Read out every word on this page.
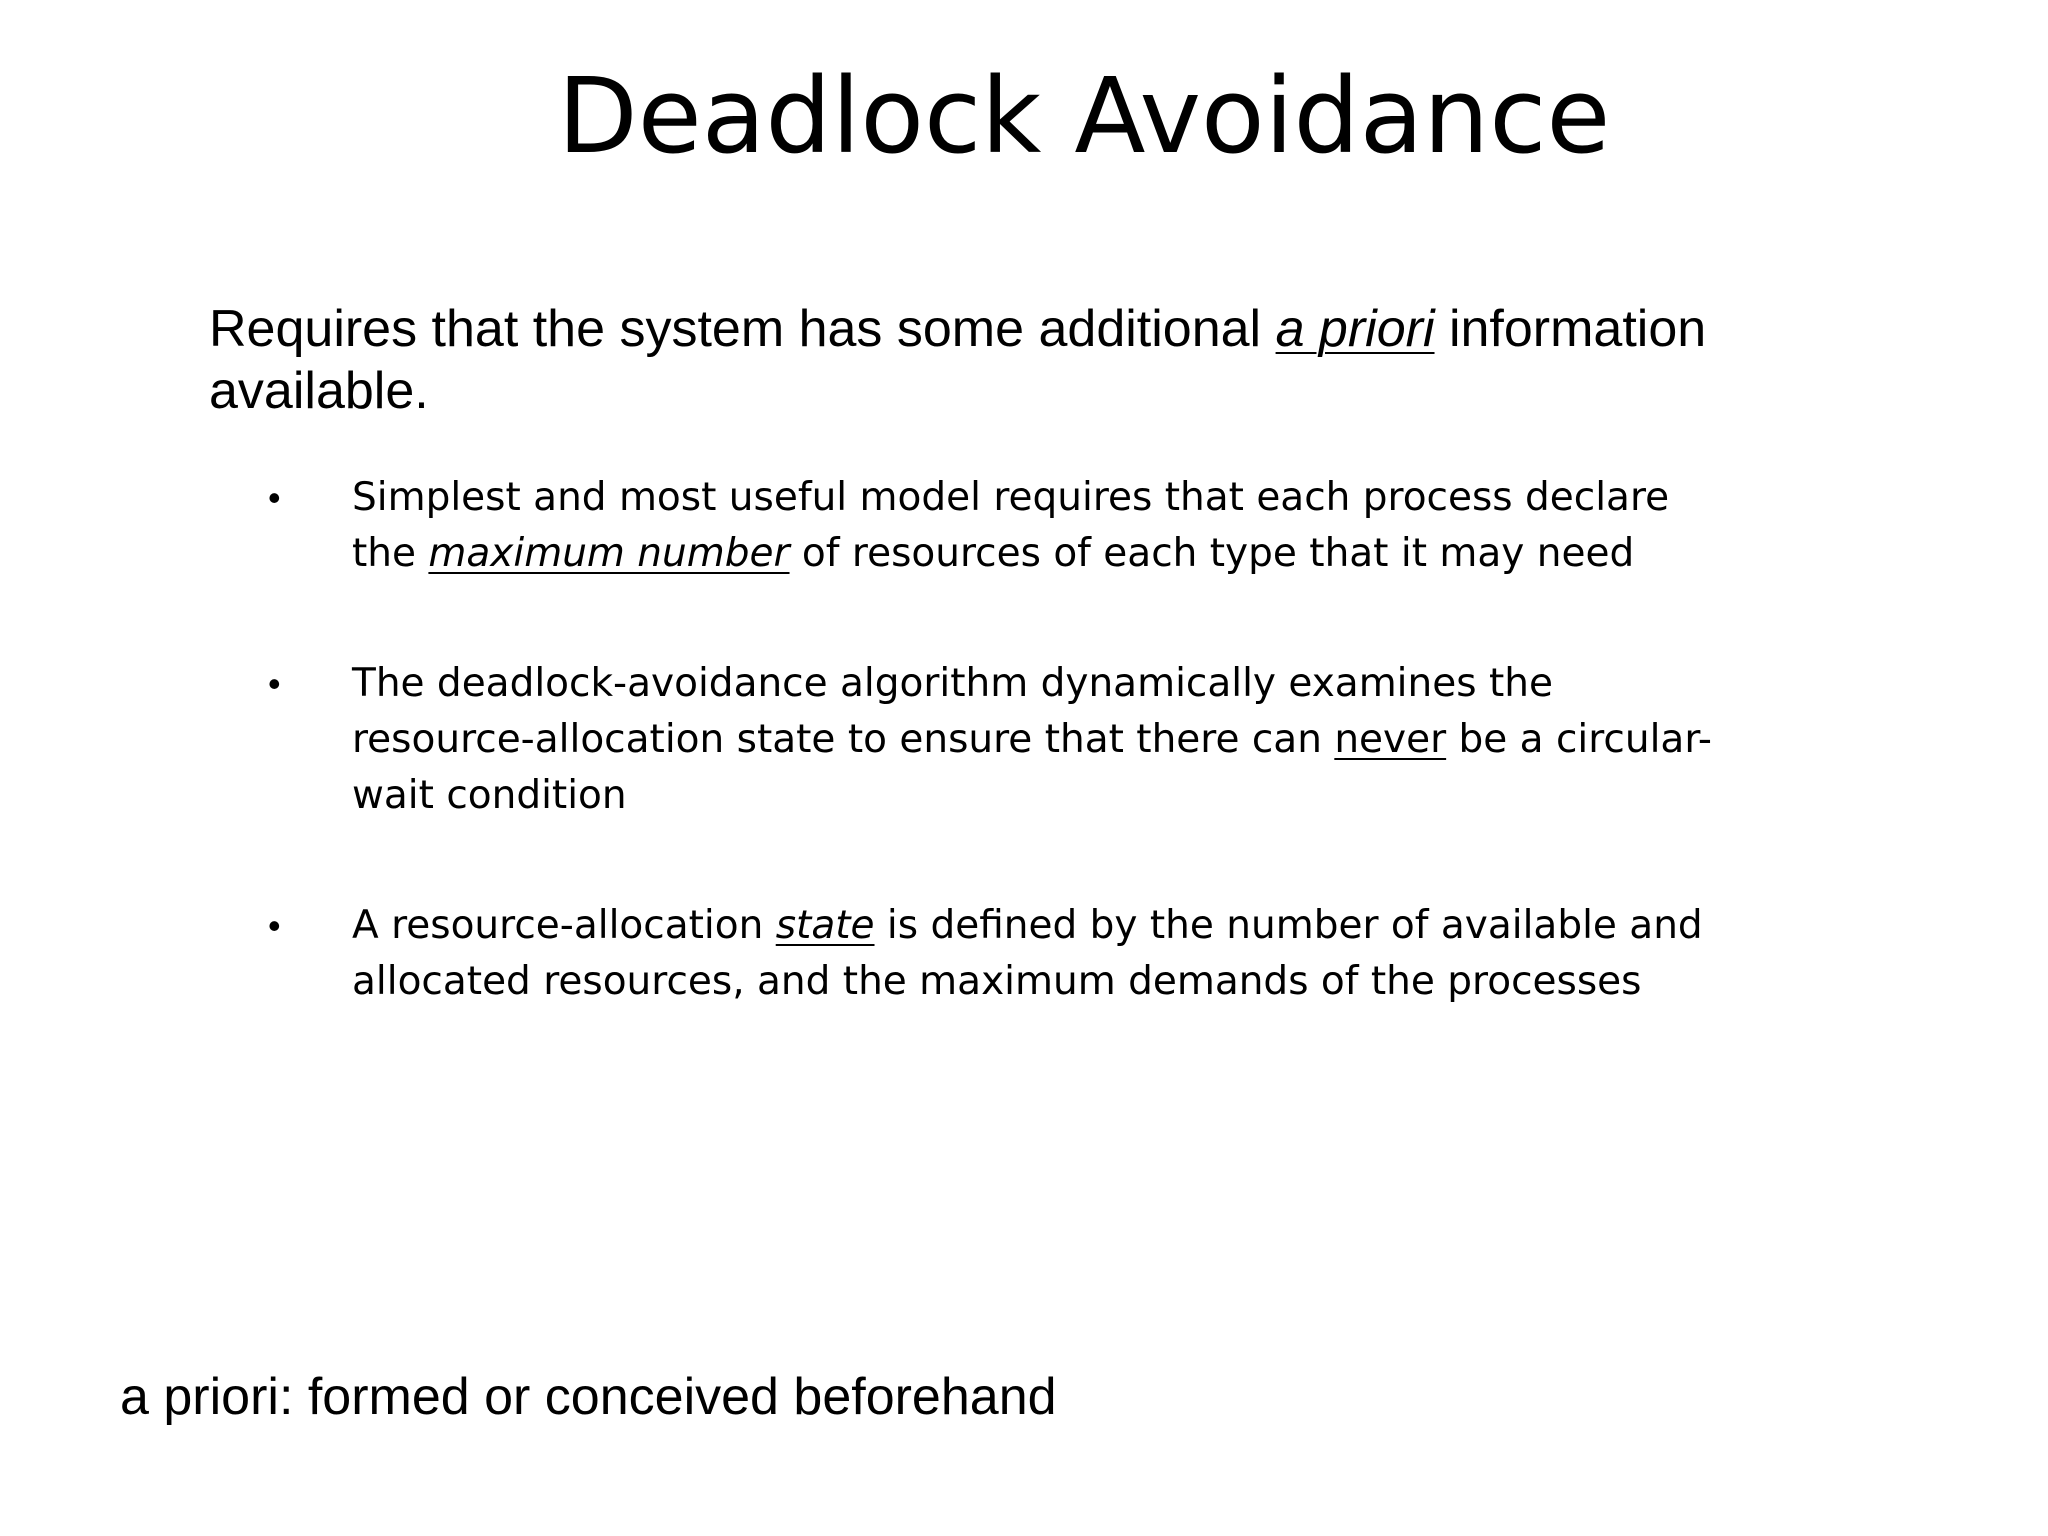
Deadlock Avoidance
Requires that the system has some additional a priori information available.
• Simplest and most useful model requires that each process declare the maximum number of resources of each type that it may need
• The deadlock-avoidance algorithm dynamically examines the resource-allocation state to ensure that there can never be a circular-wait condition
• A resource-allocation state is defined by the number of available and allocated resources, and the maximum demands of the processes
a priori: formed or conceived beforehand
